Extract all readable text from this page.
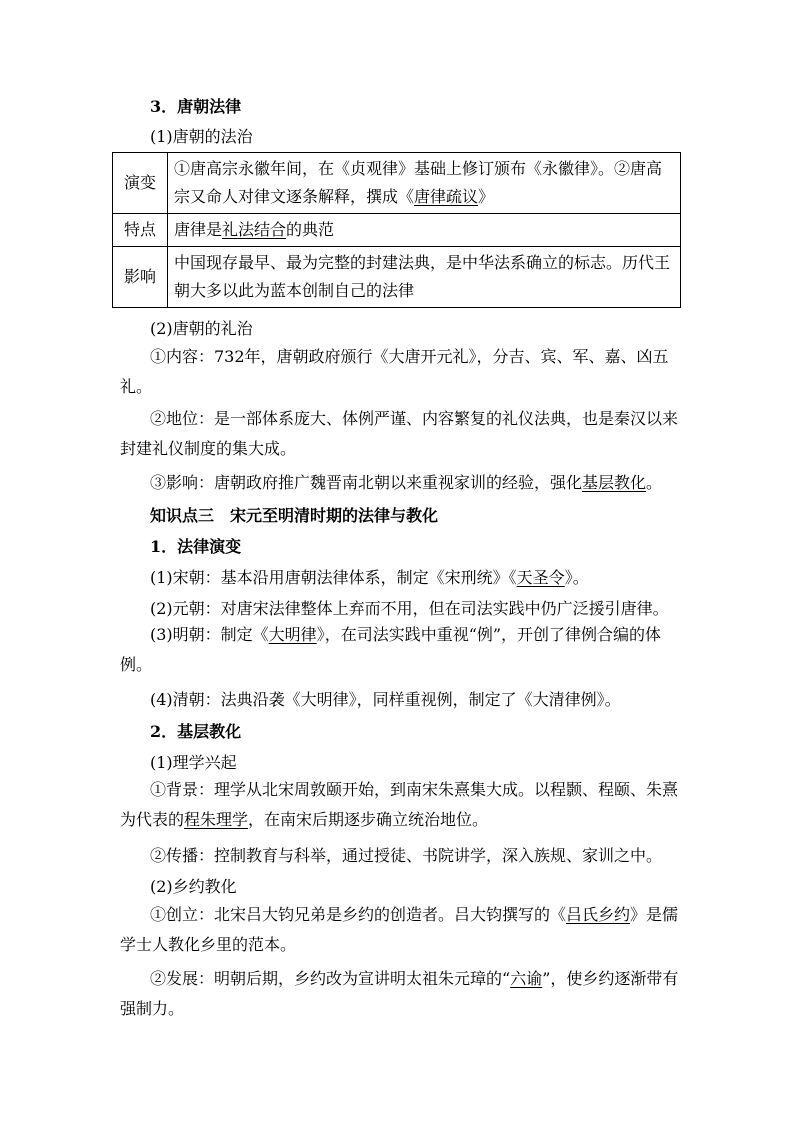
3．唐朝法律
(1)唐朝的法治
演变	①唐高宗永徽年间，在《贞观律》基础上修订颁布《永徽律》。②唐高宗又命人对律文逐条解释，撰成《唐律疏议》
特点	唐律是礼法结合的典范
影响	中国现存最早、最为完整的封建法典，是中华法系确立的标志。历代王朝大多以此为蓝本创制自己的法律
(2)唐朝的礼治
①内容：732年，唐朝政府颁行《大唐开元礼》，分吉、宾、军、嘉、凶五礼。
②地位：是一部体系庞大、体例严谨、内容繁复的礼仪法典，也是秦汉以来封建礼仪制度的集大成。
③影响：唐朝政府推广魏晋南北朝以来重视家训的经验，强化基层教化。
知识点三　宋元至明清时期的法律与教化
1．法律演变
(1)宋朝：基本沿用唐朝法律体系，制定《宋刑统》《天圣令》。
(2)元朝：对唐宋法律整体上弃而不用，但在司法实践中仍广泛援引唐律。
(3)明朝：制定《大明律》，在司法实践中重视“例”，开创了律例合编的体例。
(4)清朝：法典沿袭《大明律》，同样重视例，制定了《大清律例》。
2．基层教化
(1)理学兴起
①背景：理学从北宋周敦颐开始，到南宋朱熹集大成。以程颢、程颐、朱熹为代表的程朱理学，在南宋后期逐步确立统治地位。
②传播：控制教育与科举，通过授徒、书院讲学，深入族规、家训之中。
(2)乡约教化
①创立：北宋吕大钧兄弟是乡约的创造者。吕大钧撰写的《吕氏乡约》是儒学士人教化乡里的范本。
②发展：明朝后期，乡约改为宣讲明太祖朱元璋的“六谕”，使乡约逐渐带有强制力。
